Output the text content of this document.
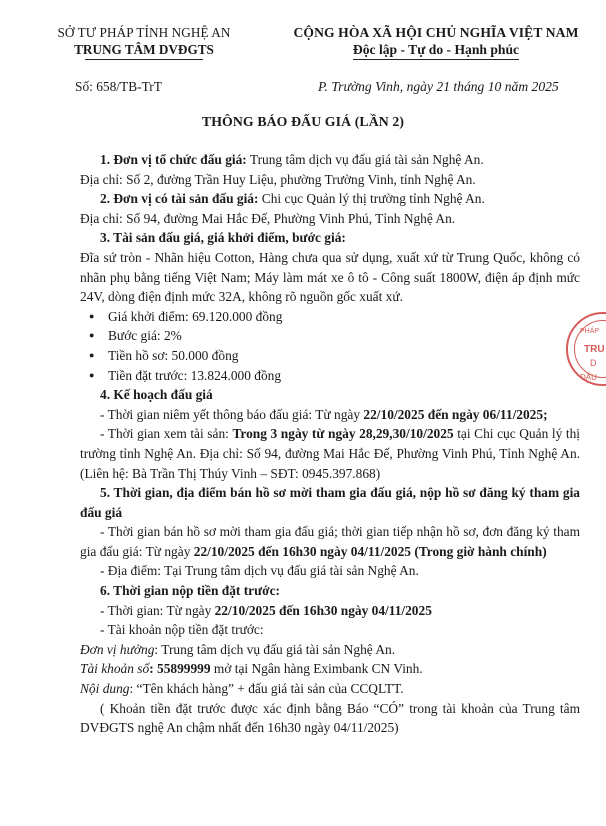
SỞ TƯ PHÁP TỈNH NGHỆ AN
TRUNG TÂM DVĐGTS
CỘNG HÒA XÃ HỘI CHỦ NGHĨA VIỆT NAM
Độc lập - Tự do - Hạnh phúc
Số: 658/TB-TrT	P. Trường Vinh, ngày 21 tháng 10 năm 2025
THÔNG BÁO ĐẤU GIÁ (LẦN 2)

1. Đơn vị tổ chức đấu giá: Trung tâm dịch vụ đấu giá tài sản Nghệ An.

Địa chỉ: Số 2, đường Trần Huy Liệu, phường Trường Vinh, tỉnh Nghệ An.

2. Đơn vị có tài sản đấu giá: Chi cục Quản lý thị trường tỉnh Nghệ An.

Địa chỉ: Số 94, đường Mai Hắc Đế, Phường Vinh Phú, Tỉnh Nghệ An.

3. Tài sản đấu giá, giá khởi điểm, bước giá:

Đĩa sứ tròn - Nhãn hiệu Cotton, Hàng chưa qua sử dụng, xuất xứ từ Trung Quốc, không có nhãn phụ bằng tiếng Việt Nam; Máy làm mát xe ô tô - Công suất 1800W, điện áp định mức 24V, dòng điện định mức 32A, không rõ nguồn gốc xuất xứ.

● Giá khởi điểm: 69.120.000 đồng
● Bước giá: 2%
● Tiền hồ sơ: 50.000 đồng
● Tiền đặt trước: 13.824.000 đồng

4. Kế hoạch đấu giá

- Thời gian niêm yết thông báo đấu giá: Từ ngày 22/10/2025 đến ngày 06/11/2025;

- Thời gian xem tài sản: Trong 3 ngày từ ngày 28,29,30/10/2025 tại Chi cục Quản lý thị trường tỉnh Nghệ An. Địa chỉ: Số 94, đường Mai Hắc Đế, Phường Vinh Phú, Tỉnh Nghệ An. (Liên hệ: Bà Trần Thị Thúy Vinh – SĐT: 0945.397.868)

5. Thời gian, địa điểm bán hồ sơ mời tham gia đấu giá, nộp hồ sơ đăng ký tham gia đấu giá

- Thời gian bán hồ sơ mời tham gia đấu giá; thời gian tiếp nhận hồ sơ, đơn đăng ký tham gia đấu giá: Từ ngày 22/10/2025 đến 16h30 ngày 04/11/2025 (Trong giờ hành chính)

- Địa điểm: Tại Trung tâm dịch vụ đấu giá tài sản Nghệ An.

6. Thời gian nộp tiền đặt trước:

- Thời gian: Từ ngày 22/10/2025 đến 16h30 ngày 04/11/2025

- Tài khoản nộp tiền đặt trước:

Đơn vị hưởng: Trung tâm dịch vụ đấu giá tài sản Nghệ An.

Tài khoản số: 55899999 mở tại Ngân hàng Eximbank CN Vinh.

Nội dung: “Tên khách hàng” + đấu giá tài sản của CCQLTT.

( Khoản tiền đặt trước được xác định bằng Báo “CÓ” trong tài khoản của Trung tâm DVĐGTS nghệ An chậm nhất đến 16h30 ngày 04/11/2025)

PHÁP
TRU
D
ĐẤU
